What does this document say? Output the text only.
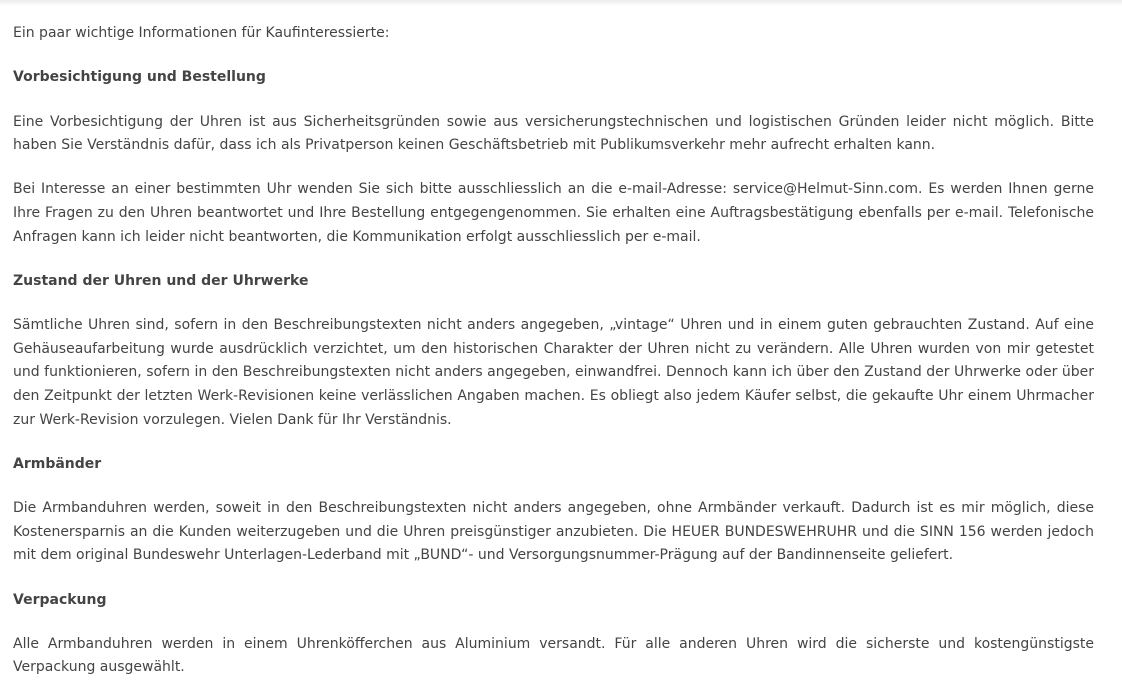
Ein paar wichtige Informationen für Kaufinteressierte:

Vorbesichtigung und Bestellung

Eine Vorbesichtigung der Uhren ist aus Sicherheitsgründen sowie aus versicherungstechnischen und logistischen Gründen leider nicht möglich. Bitte haben Sie Verständnis dafür, dass ich als Privatperson keinen Geschäftsbetrieb mit Publikumsverkehr mehr aufrecht erhalten kann.

Bei Interesse an einer bestimmten Uhr wenden Sie sich bitte ausschliesslich an die e-mail-Adresse: service@Helmut-Sinn.com. Es werden Ihnen gerne Ihre Fragen zu den Uhren beantwortet und Ihre Bestellung entgegengenommen. Sie erhalten eine Auftragsbestätigung ebenfalls per e-mail. Telefonische Anfragen kann ich leider nicht beantworten, die Kommunikation erfolgt ausschliesslich per e-mail.

Zustand der Uhren und der Uhrwerke

Sämtliche Uhren sind, sofern in den Beschreibungstexten nicht anders angegeben, „vintage“ Uhren und in einem guten gebrauchten Zustand. Auf eine Gehäuseaufarbeitung wurde ausdrücklich verzichtet, um den historischen Charakter der Uhren nicht zu verändern. Alle Uhren wurden von mir getestet und funktionieren, sofern in den Beschreibungstexten nicht anders angegeben, einwandfrei. Dennoch kann ich über den Zustand der Uhrwerke oder über den Zeitpunkt der letzten Werk-Revisionen keine verlässlichen Angaben machen. Es obliegt also jedem Käufer selbst, die gekaufte Uhr einem Uhrmacher zur Werk-Revision vorzulegen. Vielen Dank für Ihr Verständnis.

Armbänder

Die Armbanduhren werden, soweit in den Beschreibungstexten nicht anders angegeben, ohne Armbänder verkauft. Dadurch ist es mir möglich, diese Kostenersparnis an die Kunden weiterzugeben und die Uhren preisgünstiger anzubieten. Die HEUER BUNDESWEHRUHR und die SINN 156 werden jedoch mit dem original Bundeswehr Unterlagen-Lederband mit „BUND“- und Versorgungsnummer-Prägung auf der Bandinnenseite geliefert.

Verpackung

Alle Armbanduhren werden in einem Uhrenköfferchen aus Aluminium versandt. Für alle anderen Uhren wird die sicherste und kostengünstigste Verpackung ausgewählt.
